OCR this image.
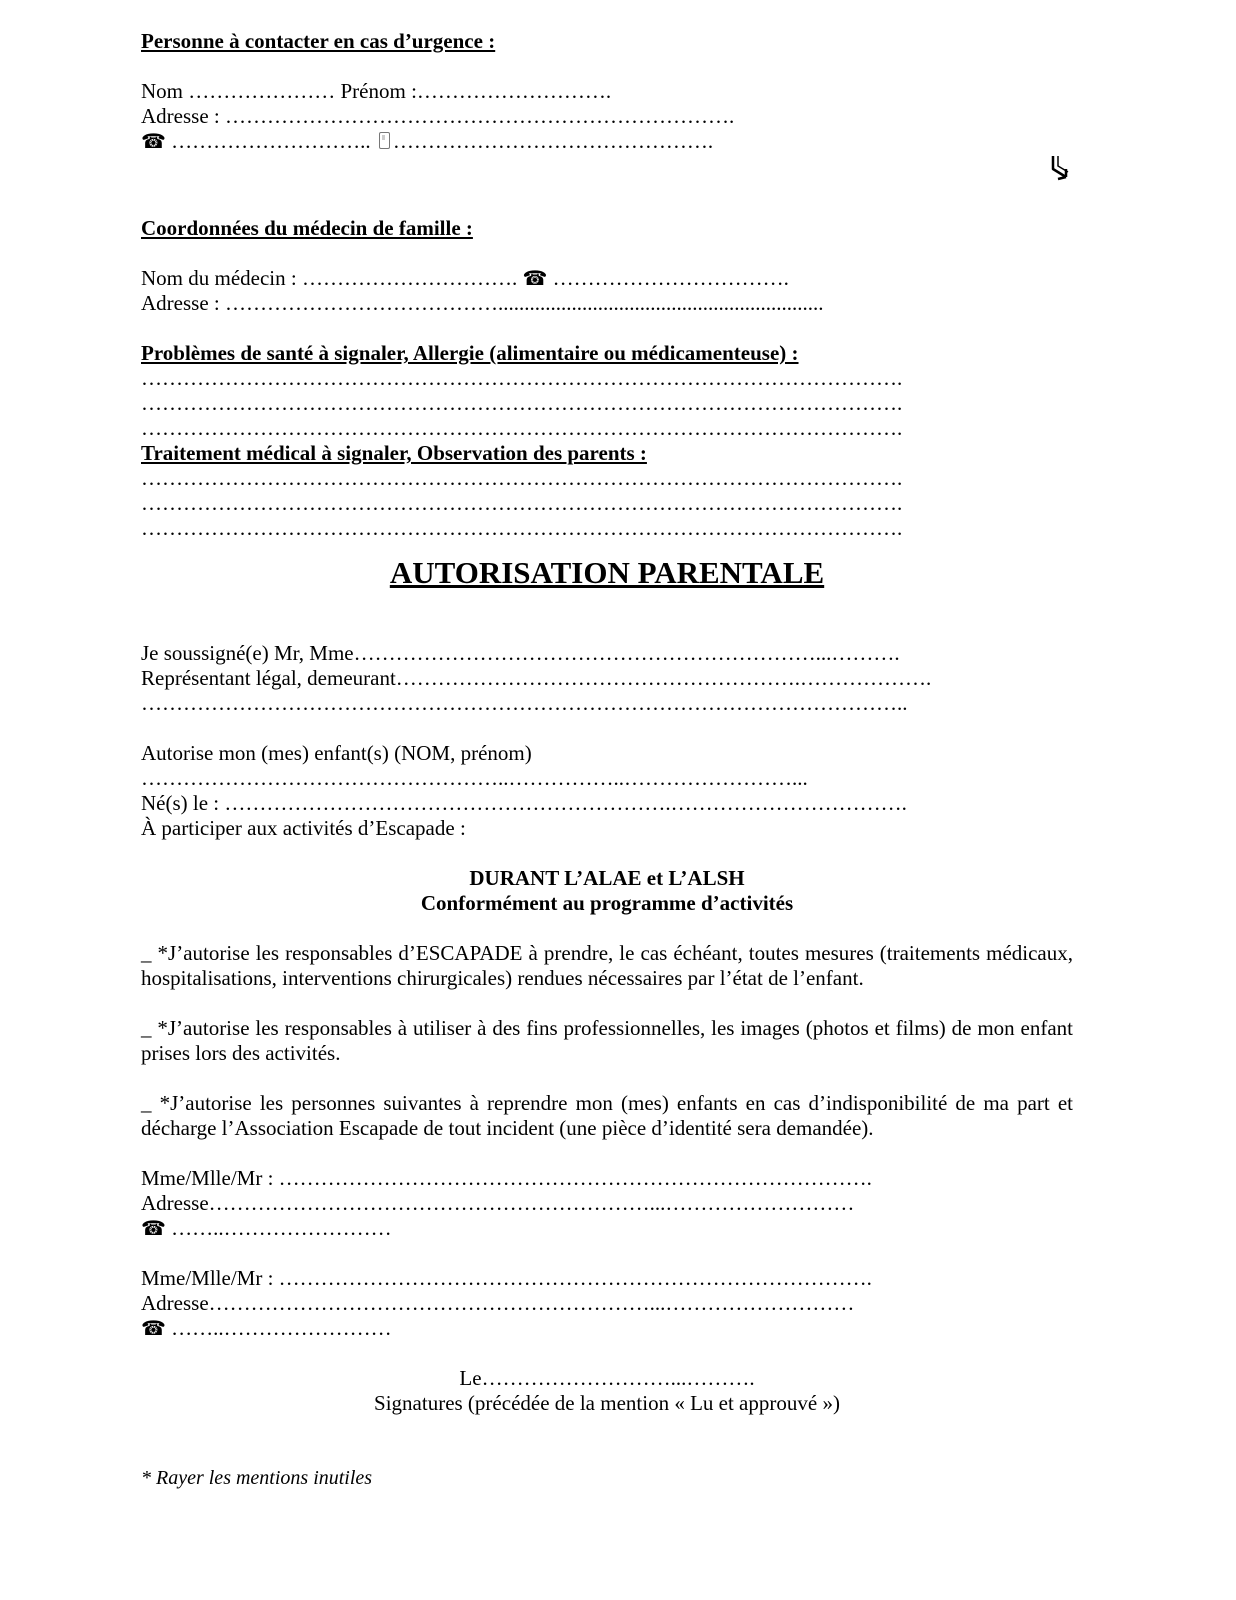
Personne à contacter en cas d’urgence :
Nom ………………… Prénom :……………………….
Adresse : ……………………………………………………………….
☎ ……………………….. ……………………………………….
Coordonnées du médecin de famille :
Nom du médecin : …………………………. ☎ …………………………….
Adresse : …………………………………..............................................................
Problèmes de santé à signaler, Allergie (alimentaire ou médicamenteuse) :
……………………………………………………………………………………………….
……………………………………………………………………………………………….
……………………………………………………………………………………………….
Traitement médical à signaler, Observation des parents :
……………………………………………………………………………………………….
……………………………………………………………………………………………….
……………………………………………………………………………………………….
AUTORISATION PARENTALE
Je soussigné(e) Mr, Mme…………………………………………………………...……….
Représentant légal, demeurant………………………………………………….……………….
………………………………………………………………………………………………..
Autorise mon (mes) enfant(s) (NOM, prénom)
……………………………………………..……………..……………………...
Né(s) le : ……………………………………………………….…………………………….
À participer aux activités d’Escapade :
DURANT L’ALAE et L’ALSH
Conformément au programme d’activités
_ *J’autorise les responsables d’ESCAPADE à prendre, le cas échéant, toutes mesures (traitements médicaux, hospitalisations, interventions chirurgicales) rendues nécessaires par l’état de l’enfant.
_ *J’autorise les responsables à utiliser à des fins professionnelles, les images (photos et films) de mon enfant prises lors des activités.
_ *J’autorise les personnes suivantes à reprendre mon (mes) enfants en cas d’indisponibilité de ma part et décharge l’Association Escapade de tout incident (une pièce d’identité sera demandée).
Mme/Mlle/Mr : ………………………………………………………………………….
Adresse………………………………………………………...………………………
☎ ……..……………………
Mme/Mlle/Mr : ………………………………………………………………………….
Adresse………………………………………………………...………………………
☎ ……..……………………
Le………………………...……….
Signatures (précédée de la mention « Lu et approuvé »)
* Rayer les mentions inutiles
